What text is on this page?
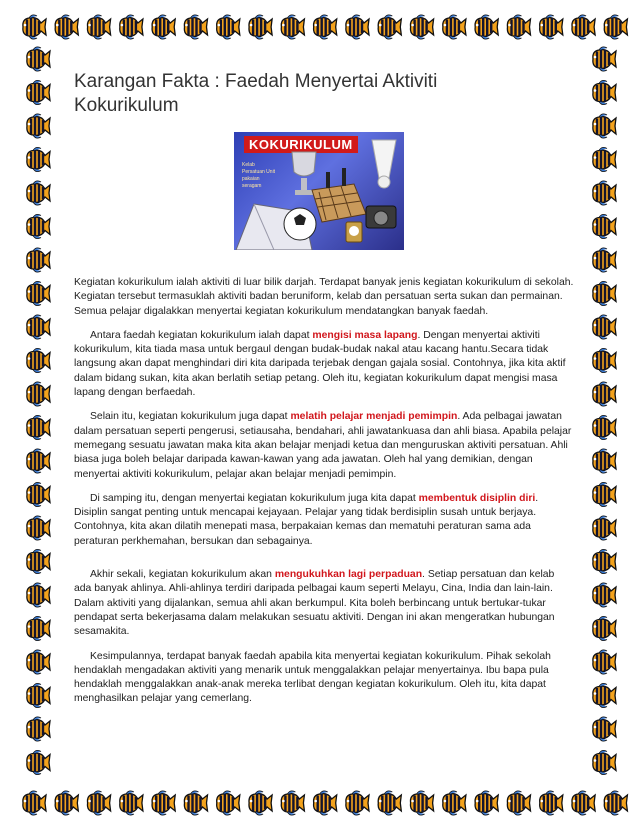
Karangan Fakta : Faedah Menyertai Aktiviti Kokurikulum
KOKURIKULUM
Kelab Persatuan Unit pakaian seragam

Kegiatan kokurikulum ialah aktiviti di luar bilik darjah. Terdapat banyak jenis kegiatan kokurikulum di sekolah. Kegiatan tersebut termasuklah aktiviti badan beruniform, kelab dan persatuan serta sukan dan permainan. Semua pelajar digalakkan menyertai kegiatan kokurikulum mendatangkan banyak faedah.

Antara faedah kegiatan kokurikulum ialah dapat mengisi masa lapang. Dengan menyertai aktiviti kokurikulum, kita tiada masa untuk bergaul dengan budak-budak nakal atau kacang hantu.Secara tidak langsung akan dapat menghindari diri kita daripada terjebak dengan gajala sosial. Contohnya, jika kita aktif dalam bidang sukan, kita akan berlatih setiap petang. Oleh itu, kegiatan kokurikulum dapat mengisi masa lapang dengan berfaedah.

Selain itu, kegiatan kokurikulum juga dapat melatih pelajar menjadi pemimpin. Ada pelbagai jawatan dalam persatuan seperti pengerusi, setiausaha, bendahari, ahli jawatankuasa dan ahli biasa. Apabila pelajar memegang sesuatu jawatan maka kita akan belajar menjadi ketua dan menguruskan aktiviti persatuan. Ahli biasa juga boleh belajar daripada kawan-kawan yang ada jawatan. Oleh hal yang demikian, dengan menyertai aktiviti kokurikulum, pelajar akan belajar menjadi pemimpin.

Di samping itu, dengan menyertai kegiatan kokurikulum juga kita dapat membentuk disiplin diri. Disiplin sangat penting untuk mencapai kejayaan. Pelajar yang tidak berdisiplin susah untuk berjaya. Contohnya, kita akan dilatih menepati masa, berpakaian kemas dan mematuhi peraturan sama ada peraturan perkhemahan, bersukan dan sebagainya.

Akhir sekali, kegiatan kokurikulum akan mengukuhkan lagi perpaduan. Setiap persatuan dan kelab ada banyak ahlinya. Ahli-ahlinya terdiri daripada pelbagai kaum seperti Melayu, Cina, India dan lain-lain. Dalam aktiviti yang dijalankan, semua ahli akan berkumpul. Kita boleh berbincang untuk bertukar-tukar pendapat serta bekerjasama dalam melakukan sesuatu aktiviti. Dengan ini akan mengeratkan hubungan sesamakita.

Kesimpulannya, terdapat banyak faedah apabila kita menyertai kegiatan kokurikulum. Pihak sekolah hendaklah mengadakan aktiviti yang menarik untuk menggalakkan pelajar menyertainya. Ibu bapa pula hendaklah menggalakkan anak-anak mereka terlibat dengan kegiatan kokurikulum. Oleh itu, kita dapat menghasilkan pelajar yang cemerlang.
